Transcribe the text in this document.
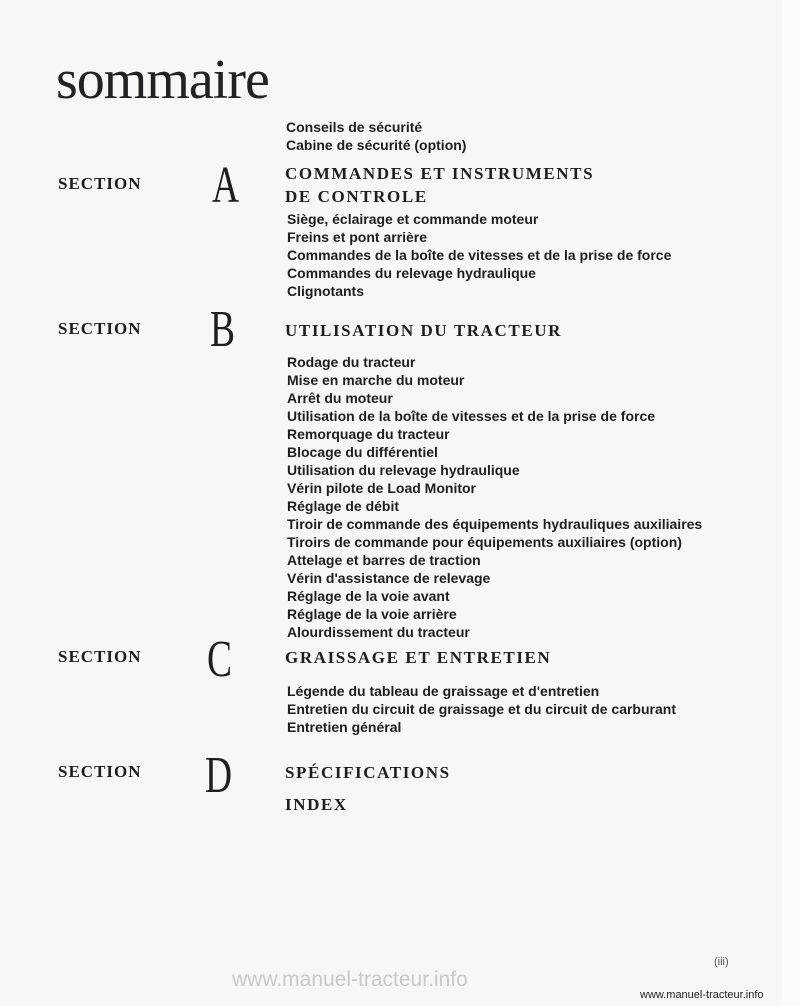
sommaire
Conseils de sécurité
Cabine de sécurité (option)
SECTION A	COMMANDES ET INSTRUMENTS
DE CONTROLE
Siège, éclairage et commande moteur
Freins et pont arrière
Commandes de la boîte de vitesses et de la prise de force
Commandes du relevage hydraulique
Clignotants
SECTION B	UTILISATION DU TRACTEUR
Rodage du tracteur
Mise en marche du moteur
Arrêt du moteur
Utilisation de la boîte de vitesses et de la prise de force
Remorquage du tracteur
Blocage du différentiel
Utilisation du relevage hydraulique
Vérin pilote de Load Monitor
Réglage de débit
Tiroir de commande des équipements hydrauliques auxiliaires
Tiroirs de commande pour équipements auxiliaires (option)
Attelage et barres de traction
Vérin d'assistance de relevage
Réglage de la voie avant
Réglage de la voie arrière
Alourdissement du tracteur
SECTION C	GRAISSAGE ET ENTRETIEN
Légende du tableau de graissage et d'entretien
Entretien du circuit de graissage et du circuit de carburant
Entretien général
SECTION D	SPÉCIFICATIONS
INDEX
(iii)
www.manuel-tracteur.info
www.manuel-tracteur.info
